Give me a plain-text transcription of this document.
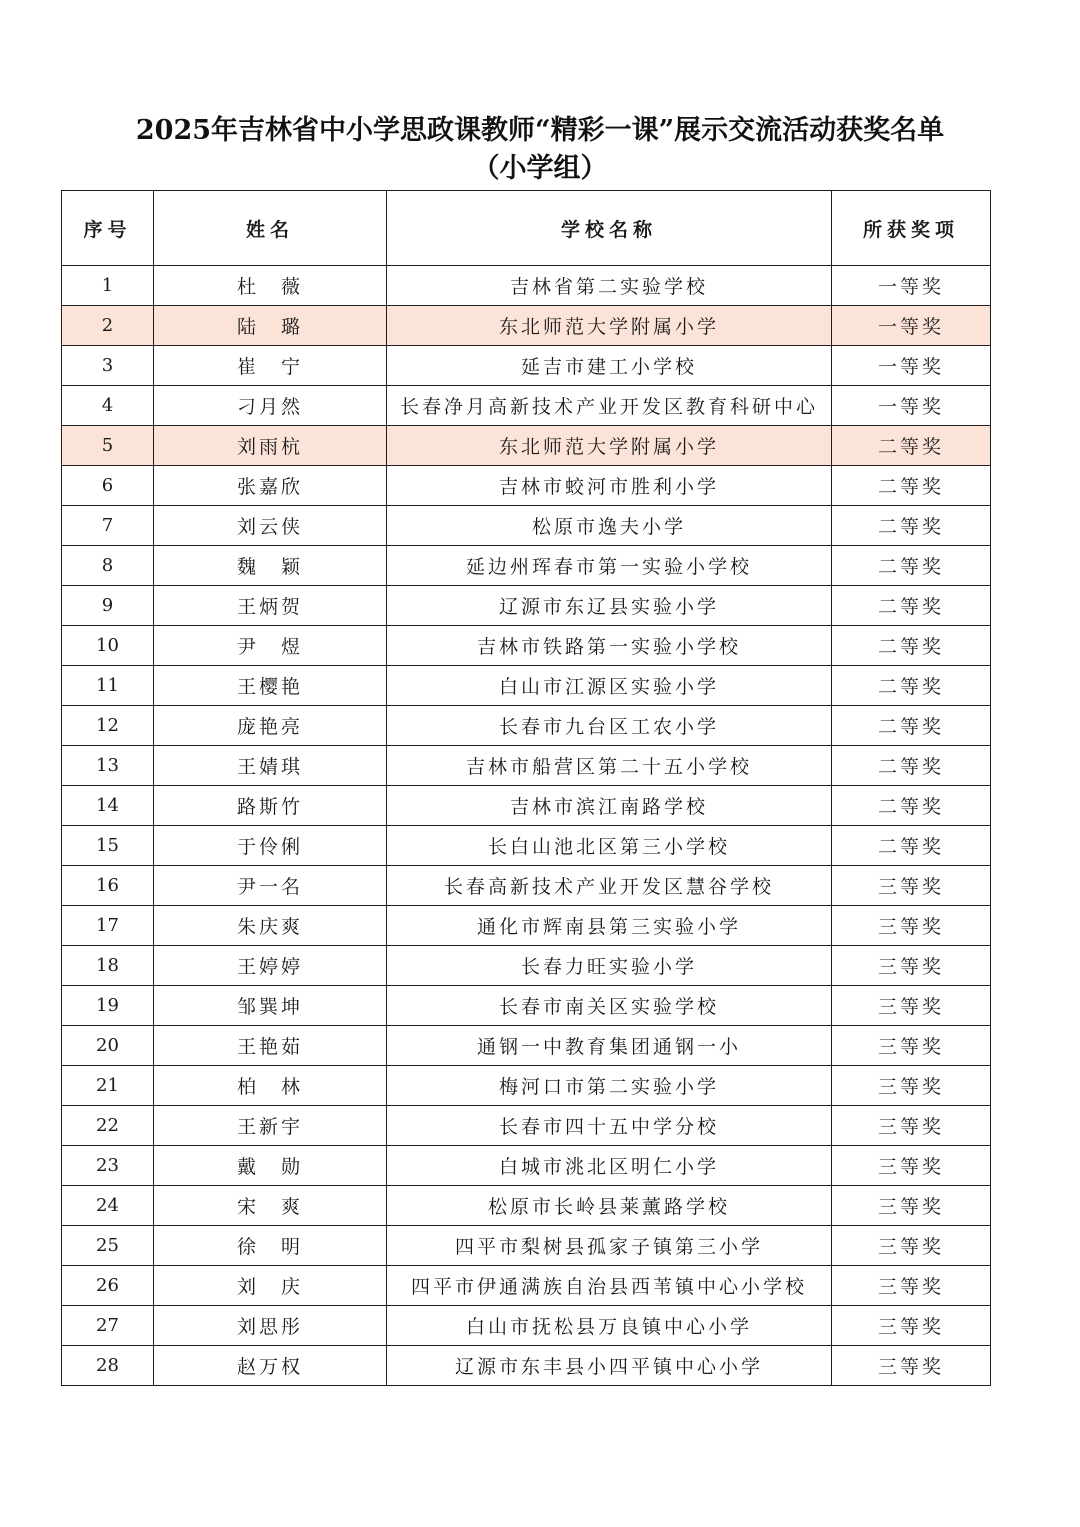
2025年吉林省中小学思政课教师“精彩一课”展示交流活动获奖名单
（小学组）
序号	姓名	学校名称	所获奖项
1	杜　薇	吉林省第二实验学校	一等奖
2	陆　璐	东北师范大学附属小学	一等奖
3	崔　宁	延吉市建工小学校	一等奖
4	刁月然	长春净月高新技术产业开发区教育科研中心	一等奖
5	刘雨杭	东北师范大学附属小学	二等奖
6	张嘉欣	吉林市蛟河市胜利小学	二等奖
7	刘云侠	松原市逸夫小学	二等奖
8	魏　颖	延边州珲春市第一实验小学校	二等奖
9	王炳贺	辽源市东辽县实验小学	二等奖
10	尹　煜	吉林市铁路第一实验小学校	二等奖
11	王樱艳	白山市江源区实验小学	二等奖
12	庞艳亮	长春市九台区工农小学	二等奖
13	王婧琪	吉林市船营区第二十五小学校	二等奖
14	路斯竹	吉林市滨江南路学校	二等奖
15	于伶俐	长白山池北区第三小学校	二等奖
16	尹一名	长春高新技术产业开发区慧谷学校	三等奖
17	朱庆爽	通化市辉南县第三实验小学	三等奖
18	王婷婷	长春力旺实验小学	三等奖
19	邹巽坤	长春市南关区实验学校	三等奖
20	王艳茹	通钢一中教育集团通钢一小	三等奖
21	柏　林	梅河口市第二实验小学	三等奖
22	王新宇	长春市四十五中学分校	三等奖
23	戴　勋	白城市洮北区明仁小学	三等奖
24	宋　爽	松原市长岭县莱薰路学校	三等奖
25	徐　明	四平市梨树县孤家子镇第三小学	三等奖
26	刘　庆	四平市伊通满族自治县西苇镇中心小学校	三等奖
27	刘思彤	白山市抚松县万良镇中心小学	三等奖
28	赵万权	辽源市东丰县小四平镇中心小学	三等奖
